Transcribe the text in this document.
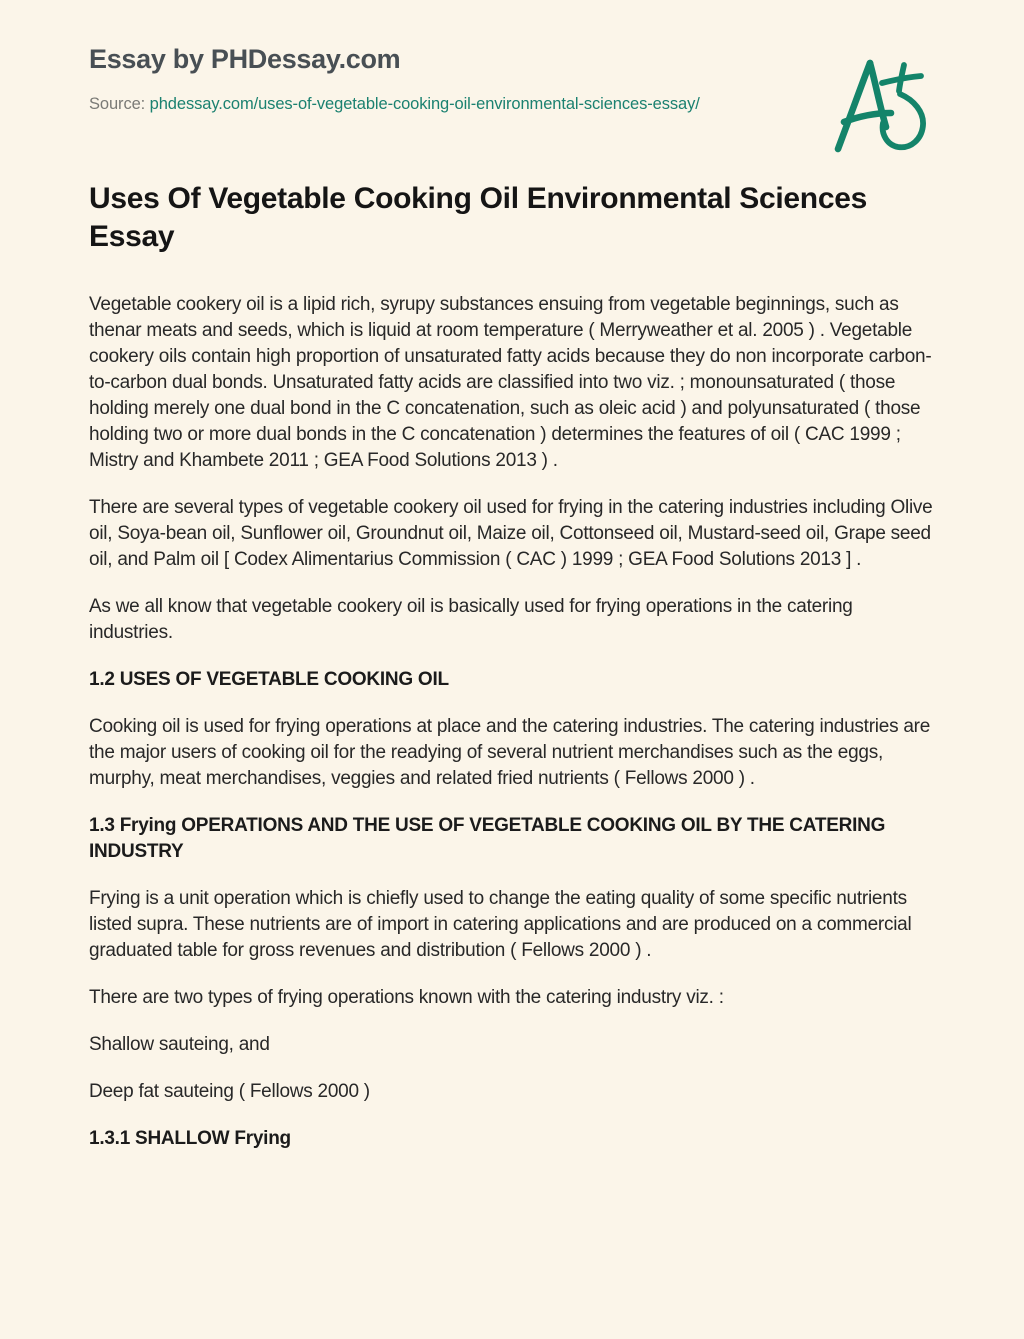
Essay by PHDessay.com
Source: phdessay.com/uses-of-vegetable-cooking-oil-environmental-sciences-essay/
Uses Of Vegetable Cooking Oil Environmental Sciences Essay

Vegetable cookery oil is a lipid rich, syrupy substances ensuing from vegetable beginnings, such as thenar meats and seeds, which is liquid at room temperature ( Merryweather et al. 2005 ) . Vegetable cookery oils contain high proportion of unsaturated fatty acids because they do non incorporate carbon-to-carbon dual bonds. Unsaturated fatty acids are classified into two viz. ; monounsaturated ( those holding merely one dual bond in the C concatenation, such as oleic acid ) and polyunsaturated ( those holding two or more dual bonds in the C concatenation ) determines the features of oil ( CAC 1999 ; Mistry and Khambete 2011 ; GEA Food Solutions 2013 ) .

There are several types of vegetable cookery oil used for frying in the catering industries including Olive oil, Soya-bean oil, Sunflower oil, Groundnut oil, Maize oil, Cottonseed oil, Mustard-seed oil, Grape seed oil, and Palm oil [ Codex Alimentarius Commission ( CAC ) 1999 ; GEA Food Solutions 2013 ] .

As we all know that vegetable cookery oil is basically used for frying operations in the catering industries.

1.2 USES OF VEGETABLE COOKING OIL

Cooking oil is used for frying operations at place and the catering industries. The catering industries are the major users of cooking oil for the readying of several nutrient merchandises such as the eggs, murphy, meat merchandises, veggies and related fried nutrients ( Fellows 2000 ) .

1.3 Frying OPERATIONS AND THE USE OF VEGETABLE COOKING OIL BY THE CATERING INDUSTRY

Frying is a unit operation which is chiefly used to change the eating quality of some specific nutrients listed supra. These nutrients are of import in catering applications and are produced on a commercial graduated table for gross revenues and distribution ( Fellows 2000 ) .

There are two types of frying operations known with the catering industry viz. :

Shallow sauteing, and

Deep fat sauteing ( Fellows 2000 )

1.3.1 SHALLOW Frying
